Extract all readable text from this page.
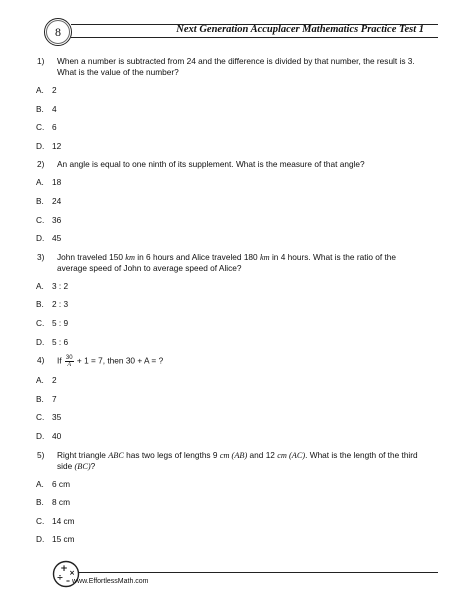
Next Generation Accuplacer Mathematics Practice Test 1
8
1)	When a number is subtracted from 24 and the difference is divided by that number, the result is 3. What is the value of the number?
A. 2
B. 4
C. 6
D. 12
2)	An angle is equal to one ninth of its supplement. What is the measure of that angle?
A. 18
B. 24
C. 36
D. 45
3)	John traveled 150 km in 6 hours and Alice traveled 180 km in 4 hours. What is the ratio of the average speed of John to average speed of Alice?
A. 3 : 2
B. 2 : 3
C. 5 : 9
D. 5 : 6
4)	If $\frac{30}{A} + 1 = 7$, then 30 + A = ?
A. 2
B. 7
C. 35
D. 40
5)	Right triangle ABC has two legs of lengths 9 cm (AB) and 12 cm (AC). What is the length of the third side (BC)?
A. 6 cm
B. 8 cm
C. 14 cm
D. 15 cm
+ ×
÷ – www.EffortlessMath.com
